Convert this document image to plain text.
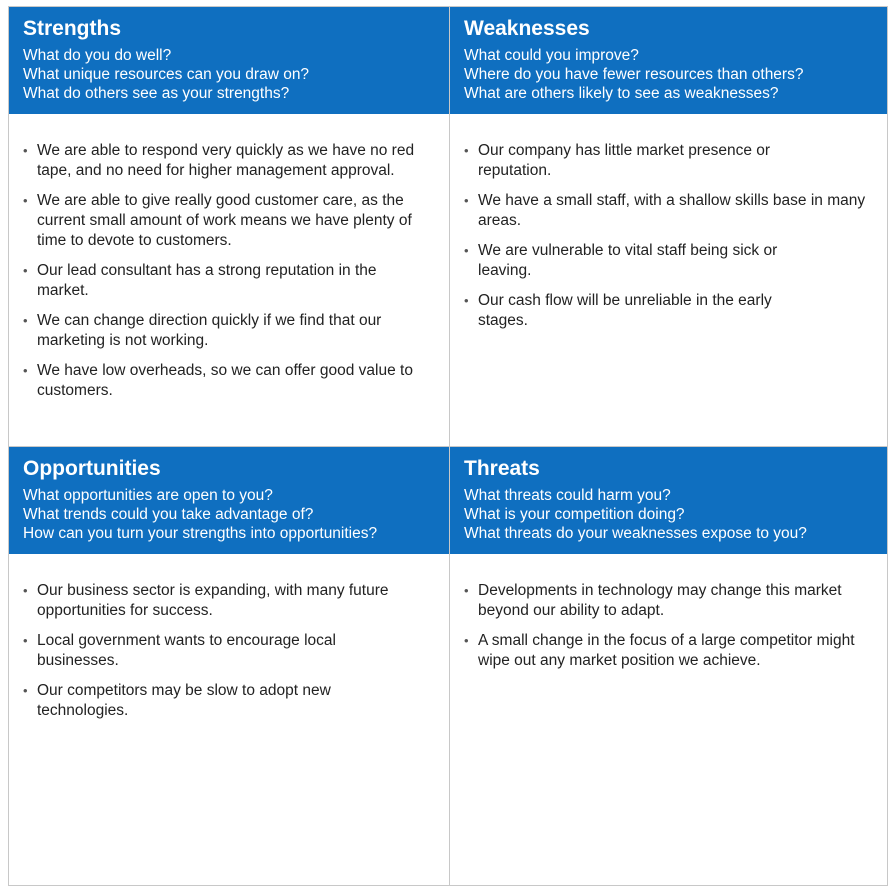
Strengths
What do you do well?
What unique resources can you draw on?
What do others see as your strengths?
• We are able to respond very quickly as we have no red tape, and no need for higher management approval.
• We are able to give really good customer care, as the current small amount of work means we have plenty of time to devote to customers.
• Our lead consultant has a strong reputation in the market.
• We can change direction quickly if we find that our marketing is not working.
• We have low overheads, so we can offer good value to customers.
Weaknesses
What could you improve?
Where do you have fewer resources than others?
What are others likely to see as weaknesses?
• Our company has little market presence or reputation.
• We have a small staff, with a shallow skills base in many areas.
• We are vulnerable to vital staff being sick or leaving.
• Our cash flow will be unreliable in the early stages.
Opportunities
What opportunities are open to you?
What trends could you take advantage of?
How can you turn your strengths into opportunities?
• Our business sector is expanding, with many future opportunities for success.
• Local government wants to encourage local businesses.
• Our competitors may be slow to adopt new technologies.
Threats
What threats could harm you?
What is your competition doing?
What threats do your weaknesses expose to you?
• Developments in technology may change this market beyond our ability to adapt.
• A small change in the focus of a large competitor might wipe out any market position we achieve.
